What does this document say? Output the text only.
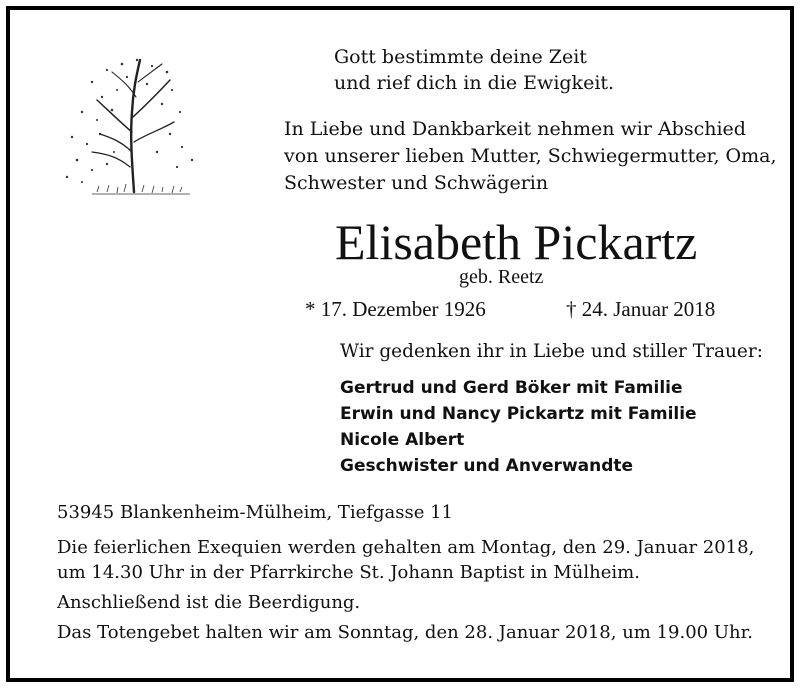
Gott bestimmte deine Zeit

und rief dich in die Ewigkeit.

In Liebe und Dankbarkeit nehmen wir Abschied

von unserer lieben Mutter, Schwiegermutter, Oma,

Schwester und Schwägerin

Elisabeth Pickartz

geb. Reetz

* 17. Dezember 1926	† 24. Januar 2018

Wir gedenken ihr in Liebe und stiller Trauer:

Gertrud und Gerd Böker mit Familie

Erwin und Nancy Pickartz mit Familie

Nicole Albert

Geschwister und Anverwandte

53945 Blankenheim-Mülheim, Tiefgasse 11

Die feierlichen Exequien werden gehalten am Montag, den 29. Januar 2018,

um 14.30 Uhr in der Pfarrkirche St. Johann Baptist in Mülheim.

Anschließend ist die Beerdigung.

Das Totengebet halten wir am Sonntag, den 28. Januar 2018, um 19.00 Uhr.
